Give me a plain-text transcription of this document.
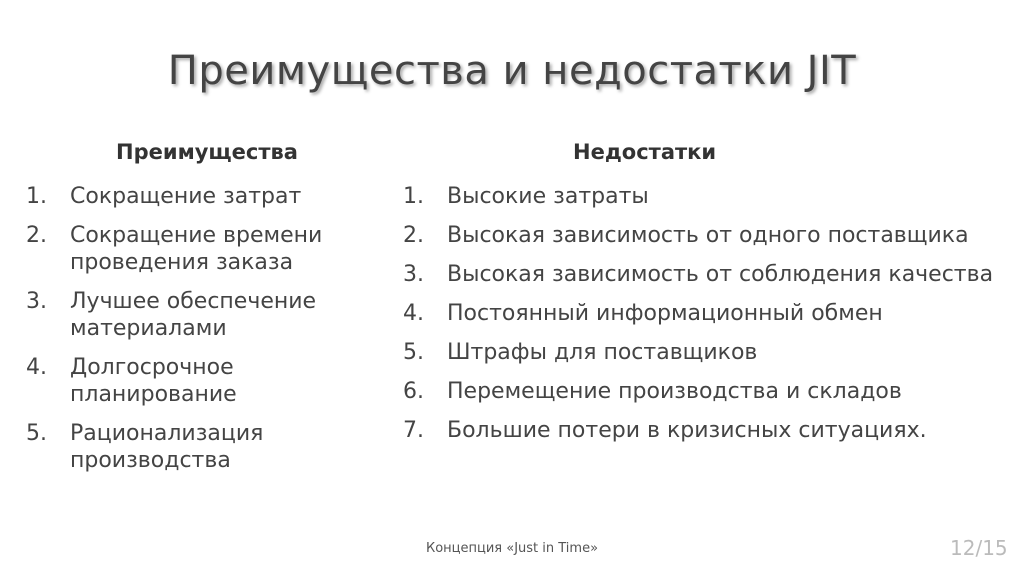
Преимущества и недостатки JIT
Преимущества	Недостатки
1. Сокращение затрат
2. Сокращение времени проведения заказа
3. Лучшее обеспечение материалами
4. Долгосрочное планирование
5. Рационализация производства
1. Высокие затраты
2. Высокая зависимость от одного поставщика
3. Высокая зависимость от соблюдения качества
4. Постоянный информационный обмен
5. Штрафы для поставщиков
6. Перемещение производства и складов
7. Большие потери в кризисных ситуациях.
Концепция «Just in Time»	12/15
